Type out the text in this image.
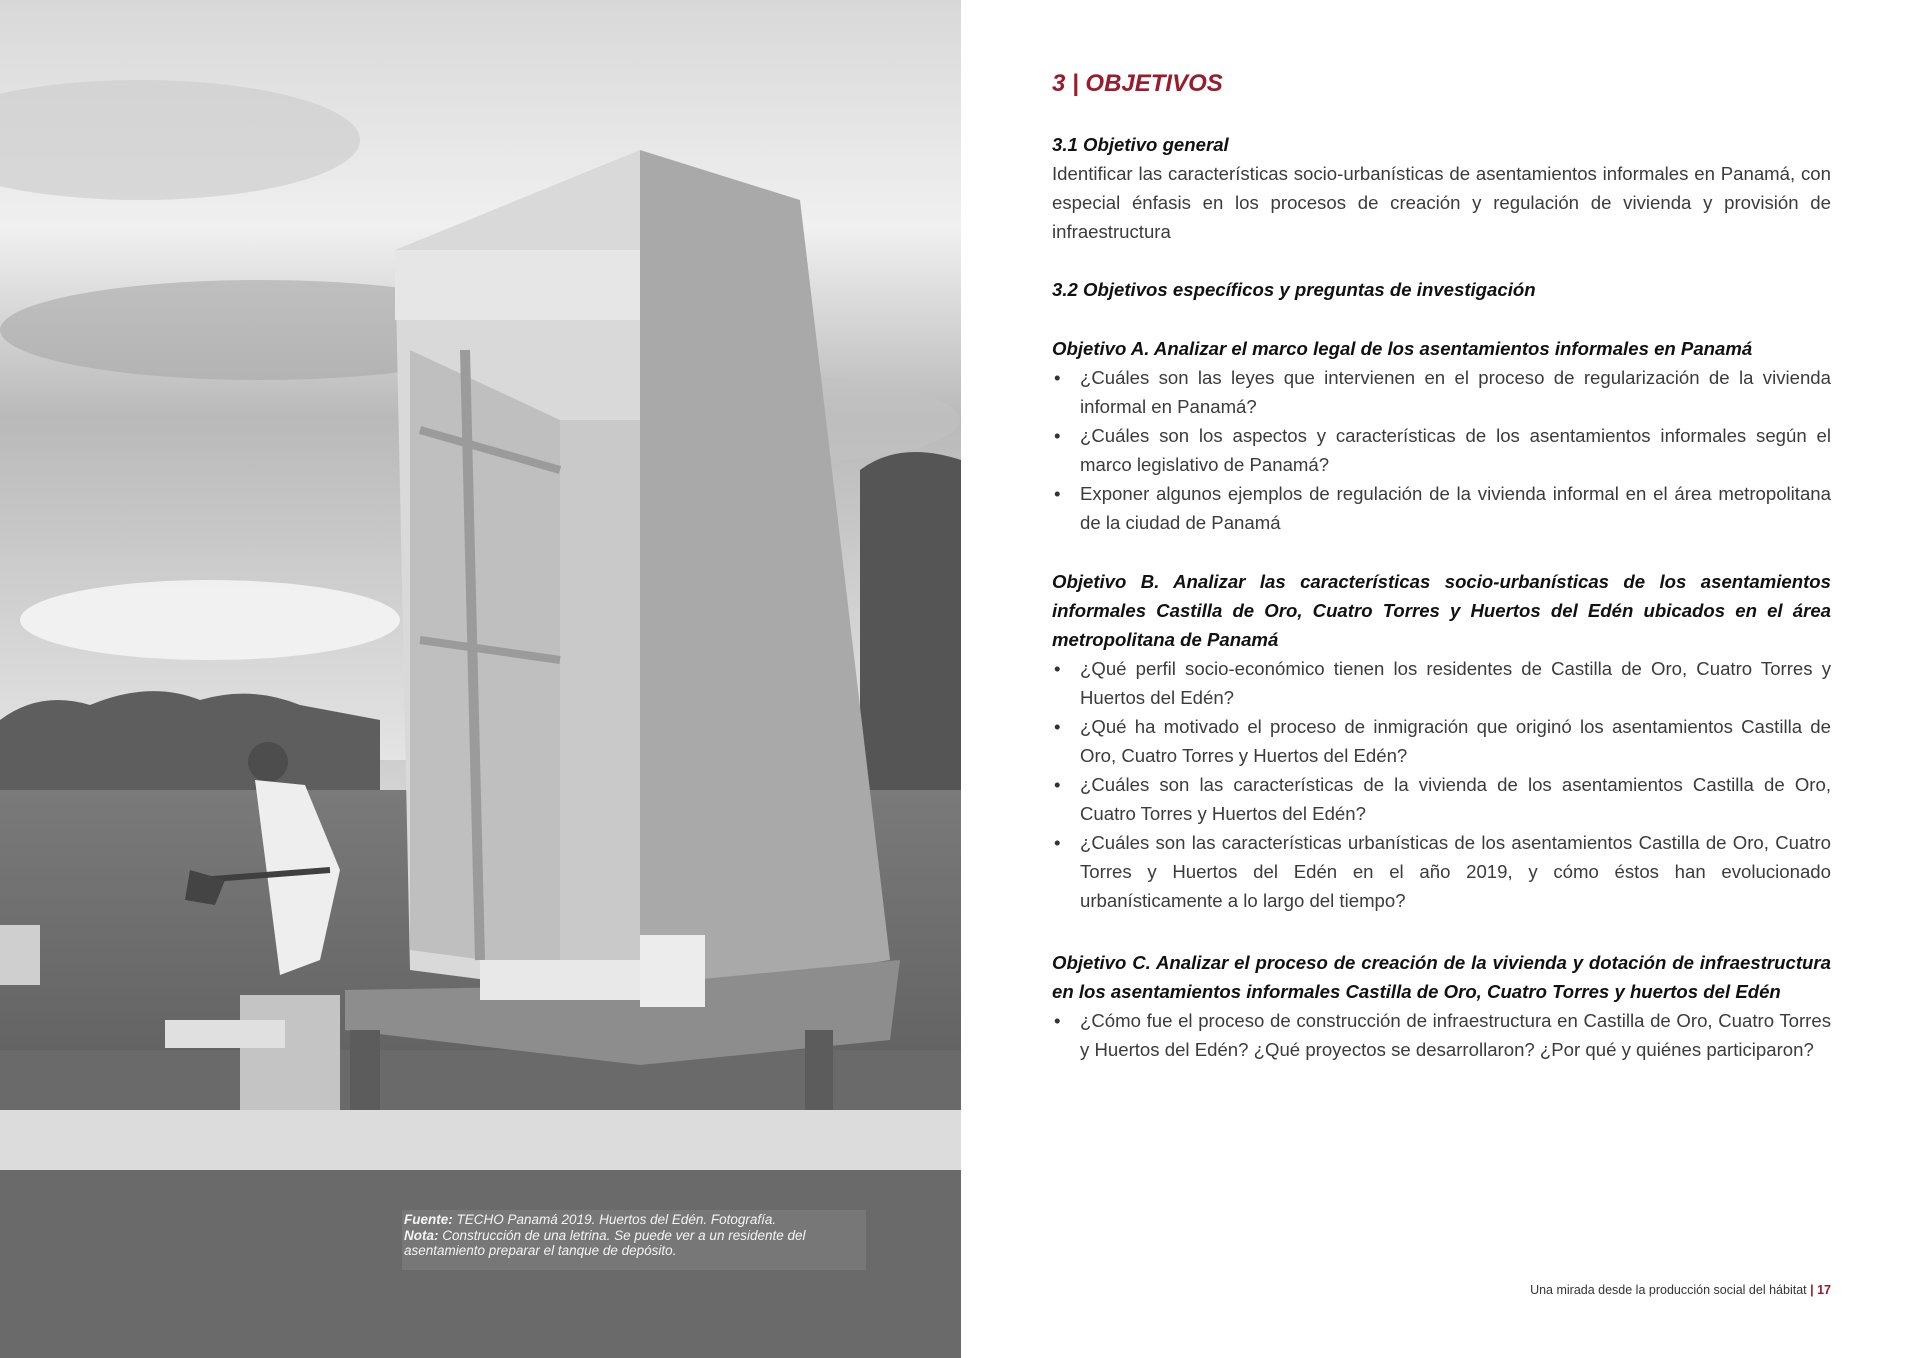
Fuente: TECHO Panamá 2019. Huertos del Edén. Fotografía.
Nota: Construcción de una letrina. Se puede ver a un residente del
asentamiento preparar el tanque de depósito.
3 | OBJETIVOS

3.1 Objetivo general

Identificar las características socio-urbanísticas de asentamientos informales en Panamá, con especial énfasis en los procesos de creación y regulación de vivienda y provisión de infraestructura

3.2 Objetivos específicos y preguntas de investigación

Objetivo A. Analizar el marco legal de los asentamientos informales en Panamá

• ¿Cuáles son las leyes que intervienen en el proceso de regularización de la vivienda informal en Panamá?
• ¿Cuáles son los aspectos y características de los asentamientos informales según el marco legislativo de Panamá?
• Exponer algunos ejemplos de regulación de la vivienda informal en el área metropolitana de la ciudad de Panamá

Objetivo B. Analizar las características socio-urbanísticas de los asentamientos informales Castilla de Oro, Cuatro Torres y Huertos del Edén ubicados en el área metropolitana de Panamá

• ¿Qué perfil socio-económico tienen los residentes de Castilla de Oro, Cuatro Torres y Huertos del Edén?
• ¿Qué ha motivado el proceso de inmigración que originó los asentamientos Castilla de Oro, Cuatro Torres y Huertos del Edén?
• ¿Cuáles son las características de la vivienda de los asentamientos Castilla de Oro, Cuatro Torres y Huertos del Edén?
• ¿Cuáles son las características urbanísticas de los asentamientos Castilla de Oro, Cuatro Torres y Huertos del Edén en el año 2019, y cómo éstos han evolucionado urbanísticamente a lo largo del tiempo?

Objetivo C. Analizar el proceso de creación de la vivienda y dotación de infraestructura en los asentamientos informales Castilla de Oro, Cuatro Torres y huertos del Edén

• ¿Cómo fue el proceso de construcción de infraestructura en Castilla de Oro, Cuatro Torres y Huertos del Edén? ¿Qué proyectos se desarrollaron? ¿Por qué y quiénes participaron?
Una mirada desde la producción social del hábitat | 17
